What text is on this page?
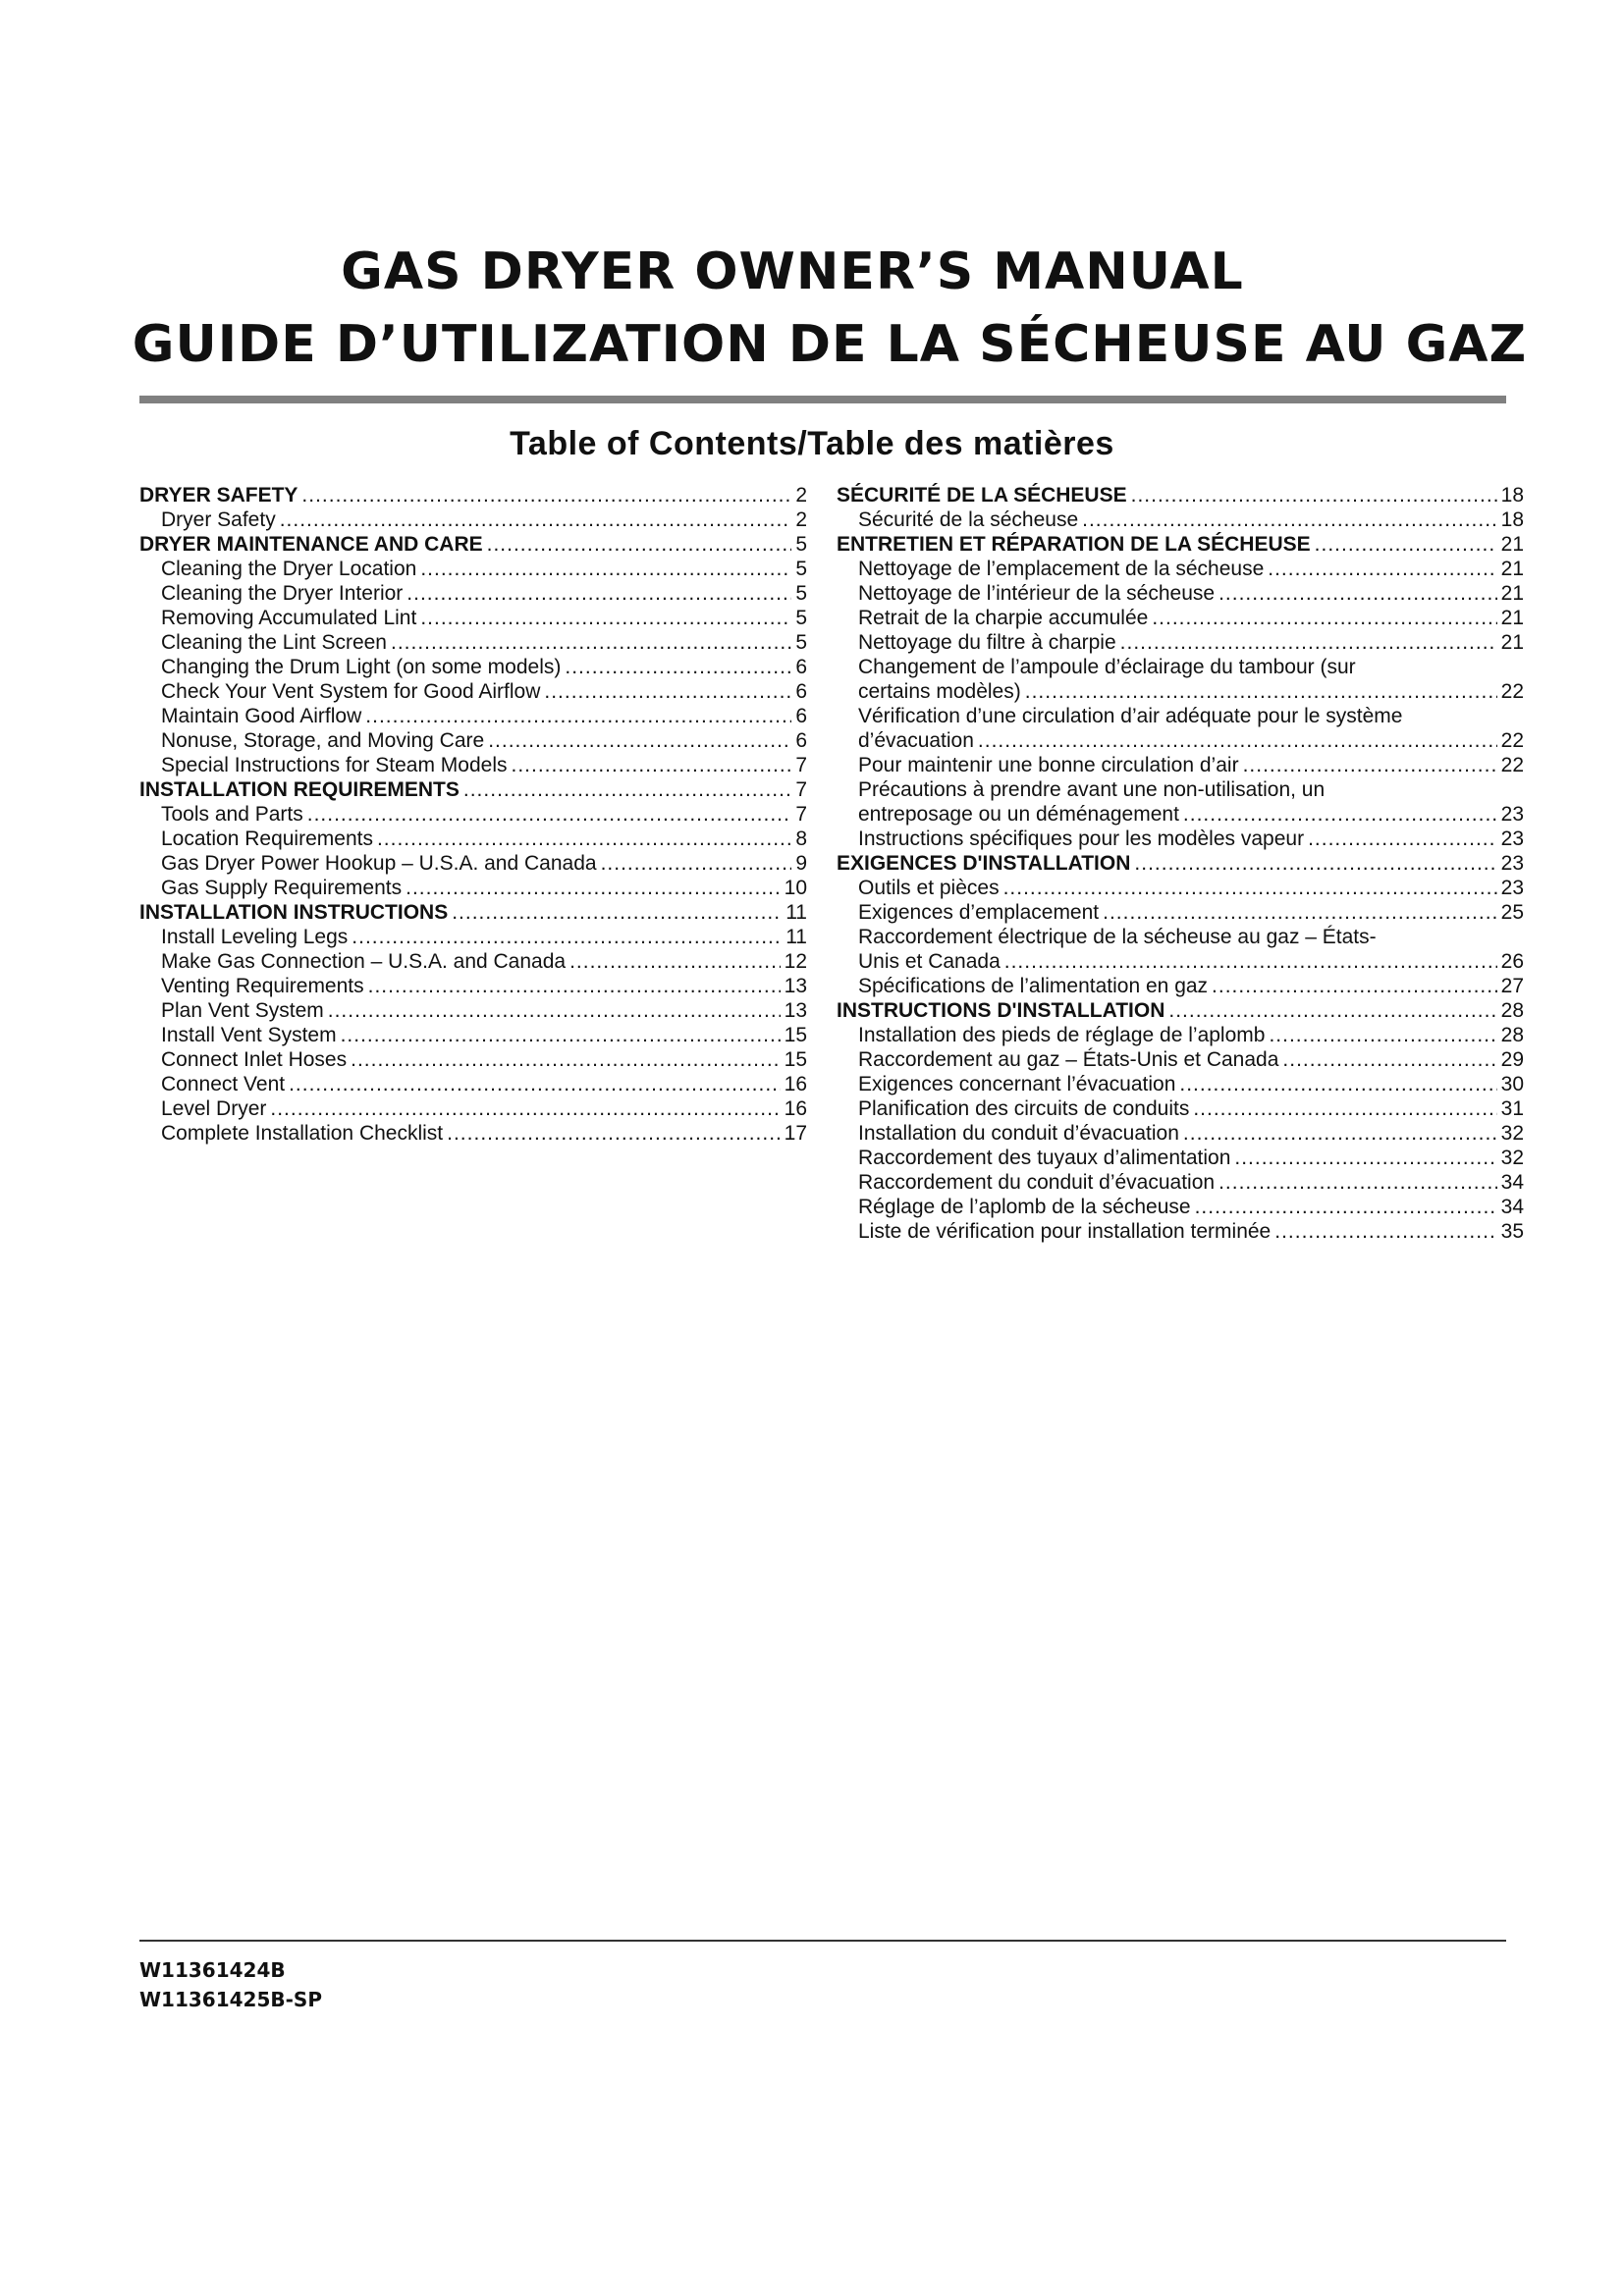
GAS DRYER OWNER’S MANUAL
GUIDE D’UTILIZATION DE LA SÉCHEUSE AU GAZ
Table of Contents/Table des matières
DRYER SAFETY .....	2
Dryer Safety .....	2
DRYER MAINTENANCE AND CARE .....	5
Cleaning the Dryer Location .....	5
Cleaning the Dryer Interior .....	5
Removing Accumulated Lint .....	5
Cleaning the Lint Screen .....	5
Changing the Drum Light (on some models) .....	6
Check Your Vent System for Good Airflow .....	6
Maintain Good Airflow .....	6
Nonuse, Storage, and Moving Care .....	6
Special Instructions for Steam Models .....	7
INSTALLATION REQUIREMENTS .....	7
Tools and Parts .....	7
Location Requirements .....	8
Gas Dryer Power Hookup – U.S.A. and Canada .....	9
Gas Supply Requirements .....	10
INSTALLATION INSTRUCTIONS .....	11
Install Leveling Legs .....	11
Make Gas Connection – U.S.A. and Canada .....	12
Venting Requirements .....	13
Plan Vent System .....	13
Install Vent System .....	15
Connect Inlet Hoses .....	15
Connect Vent .....	16
Level Dryer .....	16
Complete Installation Checklist .....	17
SÉCURITÉ DE LA SÉCHEUSE .....	18
Sécurité de la sécheuse .....	18
ENTRETIEN ET RÉPARATION DE LA SÉCHEUSE .....	21
Nettoyage de l’emplacement de la sécheuse .....	21
Nettoyage de l’intérieur de la sécheuse .....	21
Retrait de la charpie accumulée .....	21
Nettoyage du filtre à charpie .....	21
Changement de l’ampoule d’éclairage du tambour (sur
certains modèles) .....	22
Vérification d’une circulation d’air adéquate pour le système
d’évacuation .....	22
Pour maintenir une bonne circulation d’air .....	22
Précautions à prendre avant une non-utilisation, un
entreposage ou un déménagement .....	23
Instructions spécifiques pour les modèles vapeur .....	23
EXIGENCES D'INSTALLATION .....	23
Outils et pièces .....	23
Exigences d’emplacement .....	25
Raccordement électrique de la sécheuse au gaz – États-
Unis et Canada .....	26
Spécifications de l’alimentation en gaz .....	27
INSTRUCTIONS D'INSTALLATION .....	28
Installation des pieds de réglage de l’aplomb .....	28
Raccordement au gaz – États-Unis et Canada .....	29
Exigences concernant l’évacuation .....	30
Planification des circuits de conduits .....	31
Installation du conduit d’évacuation .....	32
Raccordement des tuyaux d’alimentation .....	32
Raccordement du conduit d’évacuation .....	34
Réglage de l’aplomb de la sécheuse .....	34
Liste de vérification pour installation terminée .....	35
W11361424B
W11361425B-SP
